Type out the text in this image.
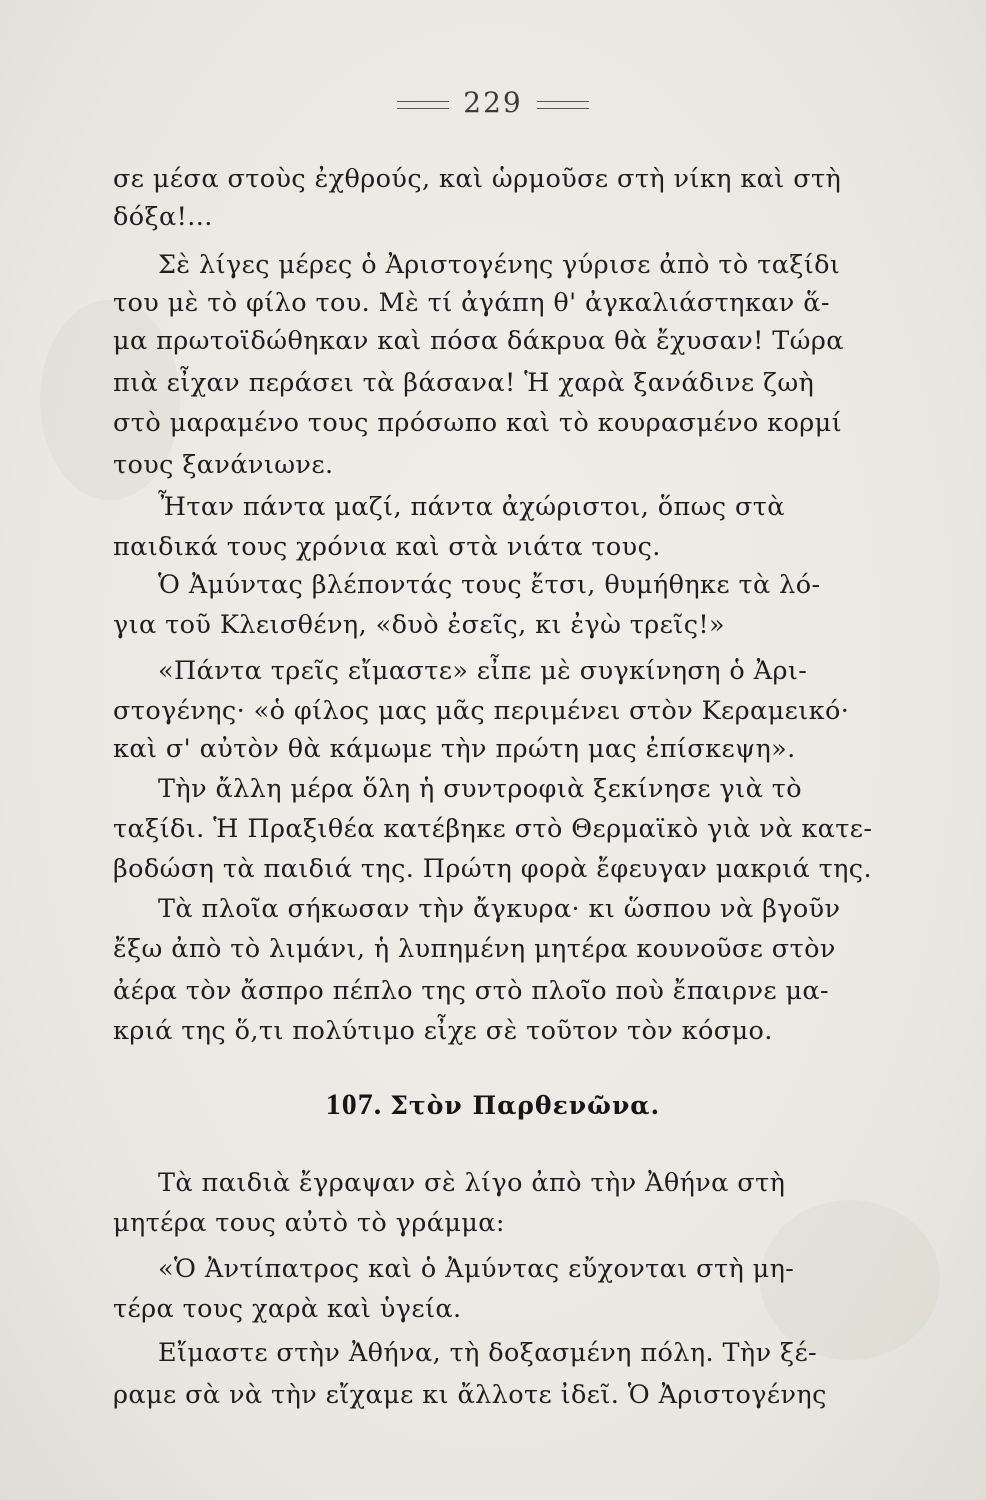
229
σε μέσα στοὺς ἐχθρούς, καὶ ὡρμοῦσε στὴ νίκη καὶ στὴ
δόξα!...
Σὲ λίγες μέρες ὁ Ἀριστογένης γύρισε ἀπὸ τὸ ταξίδι
του μὲ τὸ φίλο του. Μὲ τί ἀγάπη θ' ἀγκαλιάστηκαν ἅ-
μα πρωτοϊδώθηκαν καὶ πόσα δάκρυα θὰ ἔχυσαν! Τώρα
πιὰ εἶχαν περάσει τὰ βάσανα! Ἡ χαρὰ ξανάδινε ζωὴ
στὸ μαραμένο τους πρόσωπο καὶ τὸ κουρασμένο κορμί
τους ξανάνιωνε.
Ἦταν πάντα μαζί, πάντα ἀχώριστοι, ὅπως στὰ
παιδικά τους χρόνια καὶ στὰ νιάτα τους.
Ὁ Ἀμύντας βλέποντάς τους ἔτσι, θυμήθηκε τὰ λό-
για τοῦ Κλεισθένη, «δυὸ ἐσεῖς, κι ἐγὼ τρεῖς!»
«Πάντα τρεῖς εἴμαστε» εἶπε μὲ συγκίνηση ὁ Ἀρι-
στογένης· «ὁ φίλος μας μᾶς περιμένει στὸν Κεραμεικό·
καὶ σ' αὐτὸν θὰ κάμωμε τὴν πρώτη μας ἐπίσκεψη».
Τὴν ἄλλη μέρα ὅλη ἡ συντροφιὰ ξεκίνησε γιὰ τὸ
ταξίδι. Ἡ Πραξιθέα κατέβηκε στὸ Θερμαϊκὸ γιὰ νὰ κατε-
βοδώση τὰ παιδιά της. Πρώτη φορὰ ἔφευγαν μακριά της.
Τὰ πλοῖα σήκωσαν τὴν ἄγκυρα· κι ὥσπου νὰ βγοῦν
ἔξω ἀπὸ τὸ λιμάνι, ἡ λυπημένη μητέρα κουνοῦσε στὸν
ἀέρα τὸν ἄσπρο πέπλο της στὸ πλοῖο ποὺ ἔπαιρνε μα-
κριά της ὅ,τι πολύτιμο εἶχε σὲ τοῦτον τὸν κόσμο.
107. Στὸν Παρθενῶνα.
Τὰ παιδιὰ ἔγραψαν σὲ λίγο ἀπὸ τὴν Ἀθήνα στὴ
μητέρα τους αὐτὸ τὸ γράμμα:
«Ὁ Ἀντίπατρος καὶ ὁ Ἀμύντας εὔχονται στὴ μη-
τέρα τους χαρὰ καὶ ὑγεία.
Εἴμαστε στὴν Ἀθήνα, τὴ δοξασμένη πόλη. Τὴν ξέ-
ραμε σὰ νὰ τὴν εἴχαμε κι ἄλλοτε ἰδεῖ. Ὁ Ἀριστογένης
